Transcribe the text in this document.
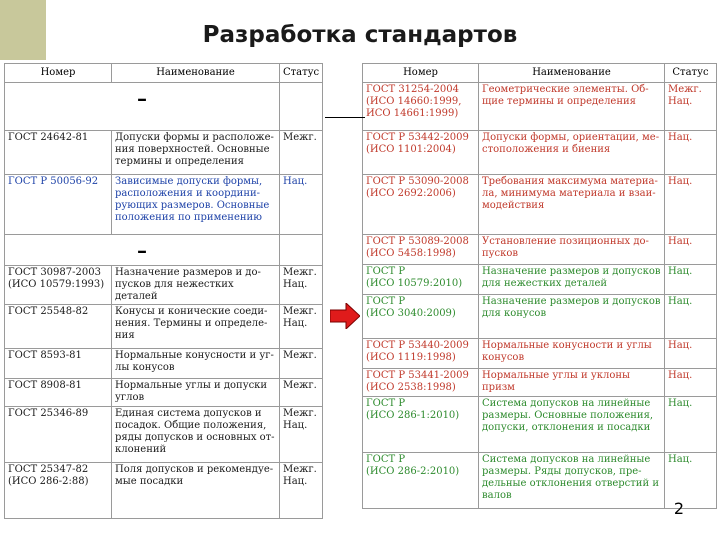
Разработка стандартов
Номер	Наименование	Статус
–		

ГОСТ 24642-81	Допуски формы и расположе-
ния поверхностей. Основные
термины и определения	Межг.

ГОСТ Р 50056-92	Зависимые допуски формы,
расположения и координи-
рующих размеров. Основные
положения по применению	Нац.

–		

ГОСТ 30987-2003
(ИСО 10579:1993)	Назначение размеров и до-
пусков для нежестких деталей	Межг.
Нац.

ГОСТ 25548-82	Конусы и конические соеди-
нения. Термины и определе-
ния	Межг.
Нац.

ГОСТ 8593-81	Нормальные конусности и уг-
лы конусов	Межг.

ГОСТ 8908-81	Нормальные углы и допуски
углов	Межг.

ГОСТ 25346-89	Единая система допусков и
посадок. Общие положения,
ряды допусков и основных от-
клонений	Межг.
Нац.

ГОСТ 25347-82
(ИСО 286-2:88)	Поля допусков и рекомендуе-
мые посадки	Межг.
Нац.
Номер	Наименование	Статус

ГОСТ 31254-2004
(ИСО 14660:1999,
ИСО 14661:1999)	Геометрические элементы. Об-
щие термины и определения	Межг.
Нац.

ГОСТ Р 53442-2009
(ИСО 1101:2004)	Допуски формы, ориентации, ме-
стоположения и биения	Нац.

ГОСТ Р 53090-2008
(ИСО 2692:2006)	Требования максимума материа-
ла, минимума материала и взаи-
модействия	Нац.

ГОСТ Р 53089-2008
(ИСО 5458:1998)	Установление позиционных до-
пусков	Нац.

ГОСТ Р
(ИСО 10579:2010)	Назначение размеров и допусков
для нежестких деталей	Нац.

ГОСТ Р
(ИСО 3040:2009)	Назначение размеров и допусков
для конусов	Нац.

ГОСТ Р 53440-2009
(ИСО 1119:1998)	Нормальные конусности и углы
конусов	Нац.

ГОСТ Р 53441-2009
(ИСО 2538:1998)	Нормальные углы и уклоны
призм	Нац.

ГОСТ Р
(ИСО 286-1:2010)	Система допусков на линейные
размеры. Основные положения,
допуски, отклонения и посадки	Нац.

ГОСТ Р
(ИСО 286-2:2010)	Система допусков на линейные
размеры. Ряды допусков, пре-
дельные отклонения отверстий и
валов	Нац.
2
